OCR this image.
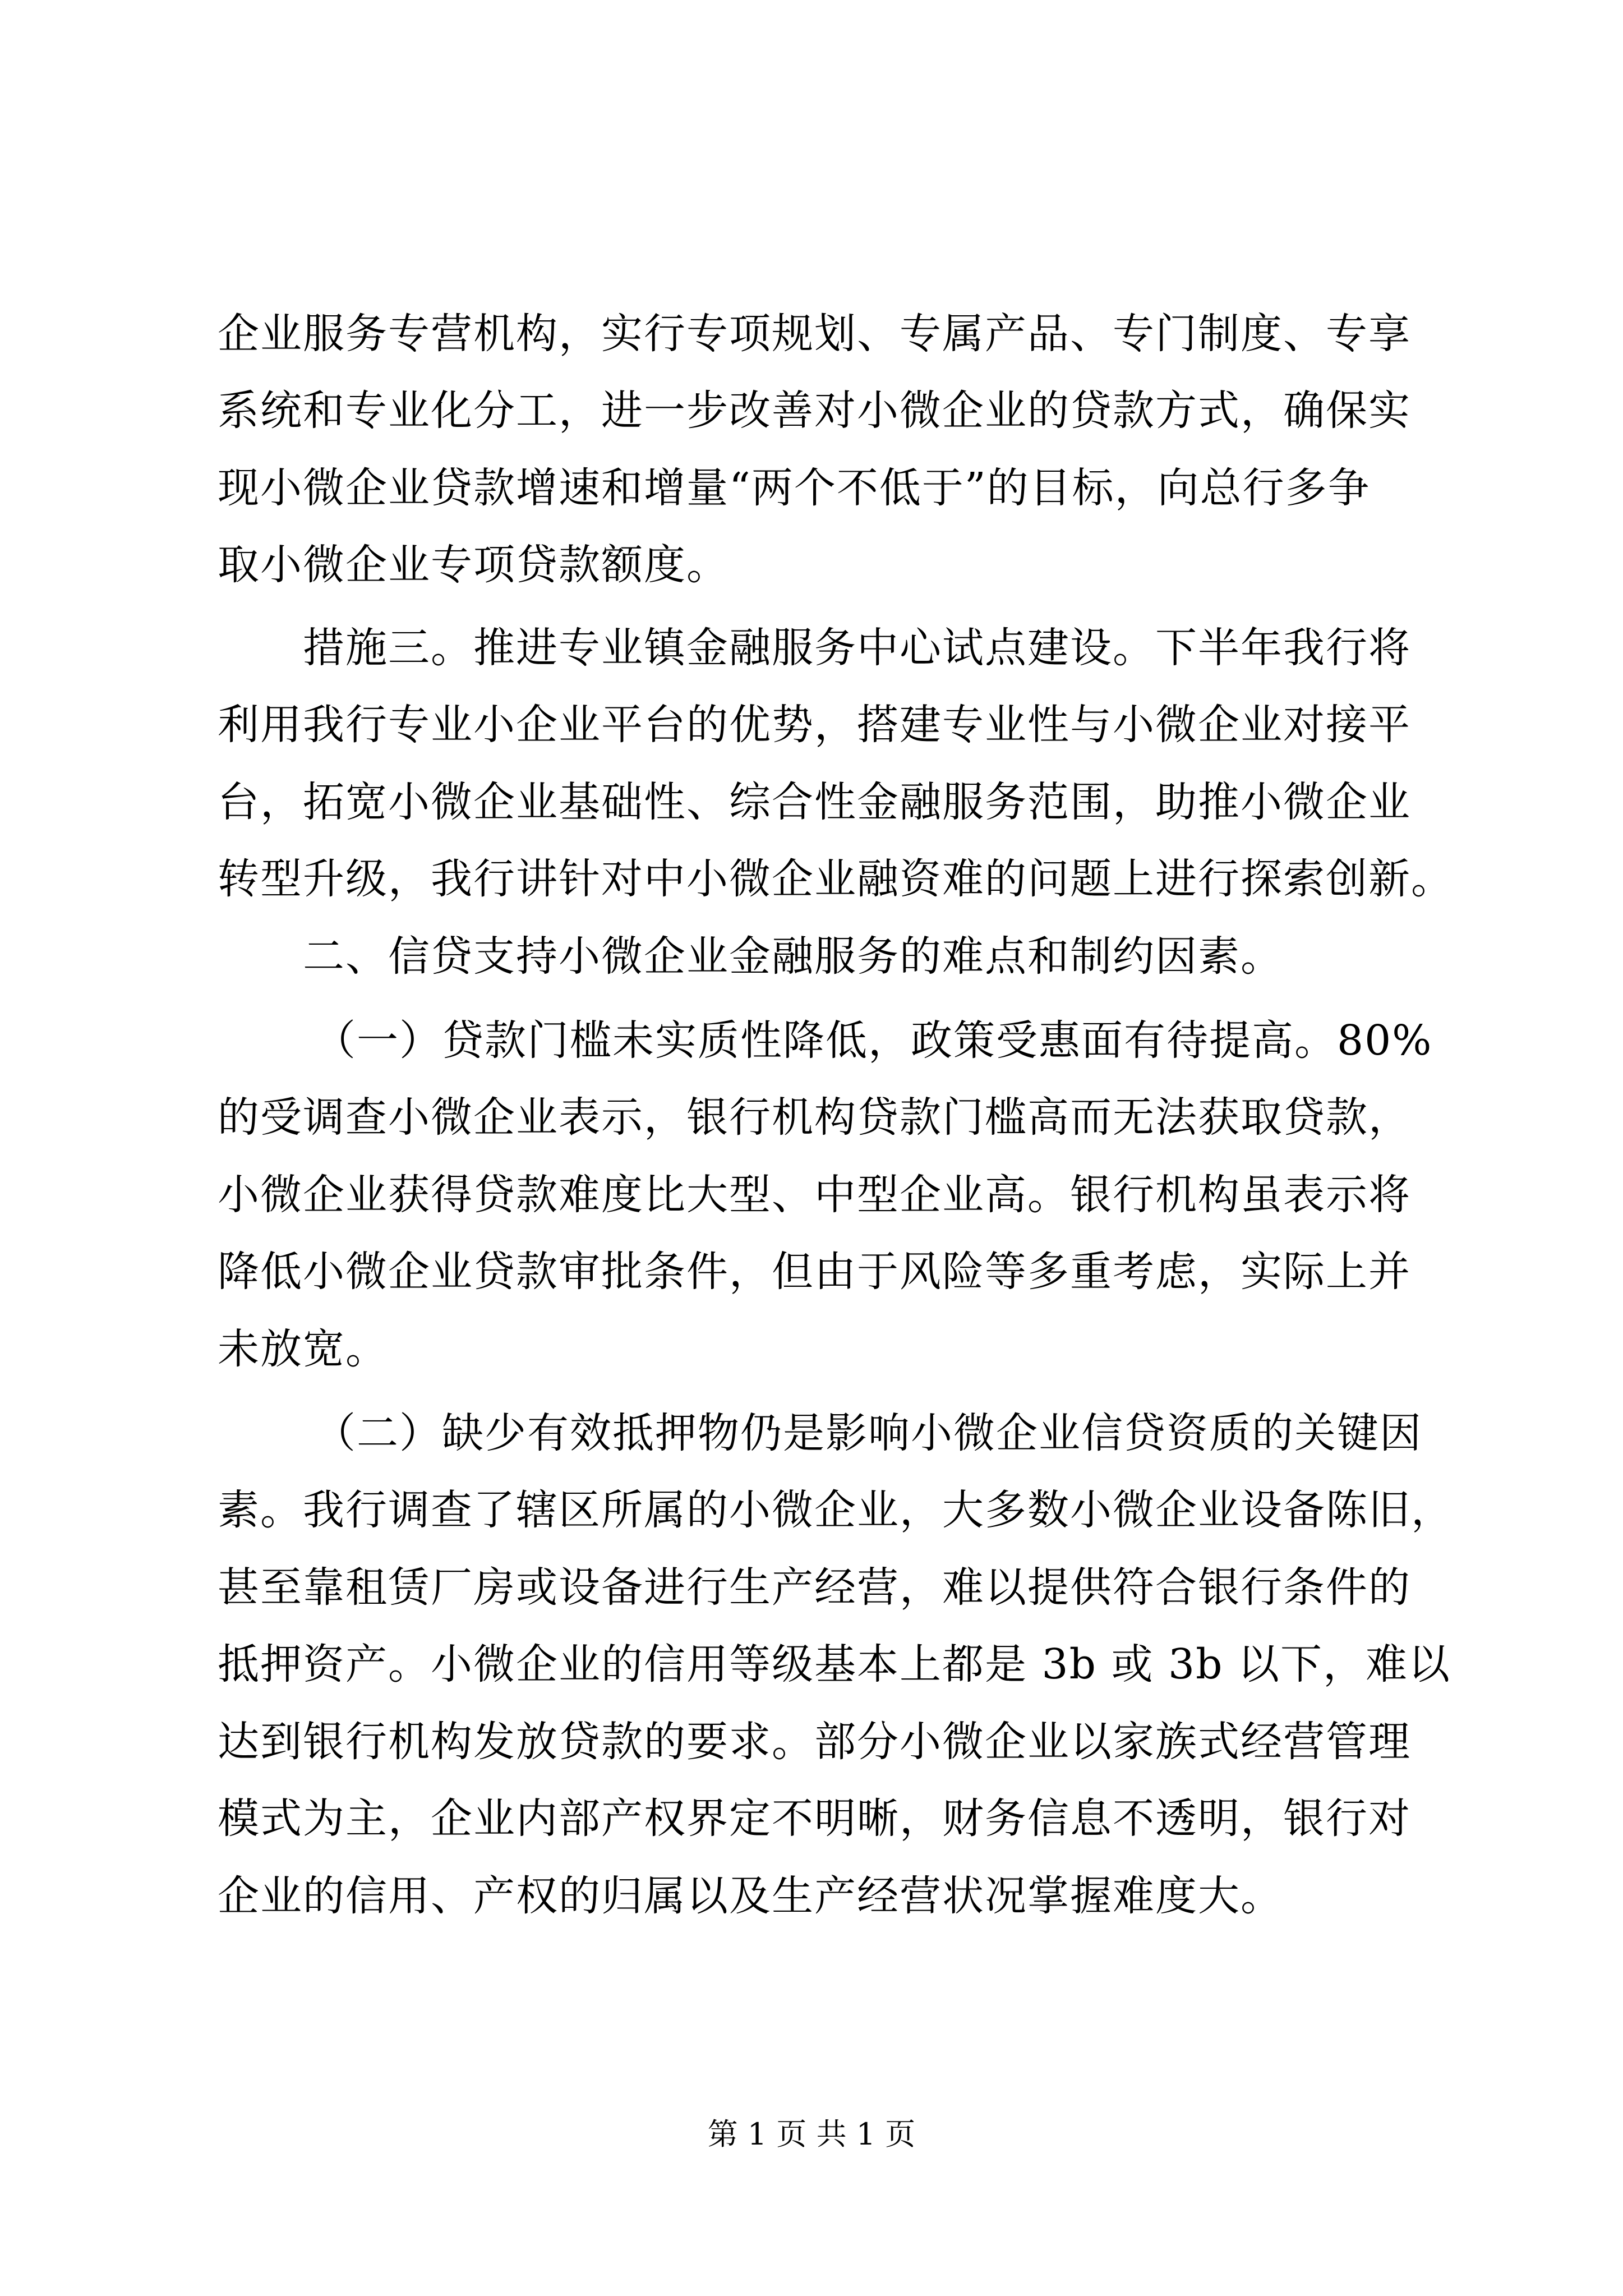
企业服务专营机构，实行专项规划、专属产品、专门制度、专享
系统和专业化分工，进一步改善对小微企业的贷款方式，确保实
现小微企业贷款增速和增量“两个不低于”的目标，向总行多争
取小微企业专项贷款额度。
措施三。推进专业镇金融服务中心试点建设。下半年我行将
利用我行专业小企业平台的优势，搭建专业性与小微企业对接平
台，拓宽小微企业基础性、综合性金融服务范围，助推小微企业
转型升级，我行讲针对中小微企业融资难的问题上进行探索创新。
二、信贷支持小微企业金融服务的难点和制约因素。
（一）贷款门槛未实质性降低，政策受惠面有待提高。80%
的受调查小微企业表示，银行机构贷款门槛高而无法获取贷款，
小微企业获得贷款难度比大型、中型企业高。银行机构虽表示将
降低小微企业贷款审批条件，但由于风险等多重考虑，实际上并
未放宽。
（二）缺少有效抵押物仍是影响小微企业信贷资质的关键因
素。我行调查了辖区所属的小微企业，大多数小微企业设备陈旧，
甚至靠租赁厂房或设备进行生产经营，难以提供符合银行条件的
抵押资产。小微企业的信用等级基本上都是 3b 或 3b 以下，难以
达到银行机构发放贷款的要求。部分小微企业以家族式经营管理
模式为主，企业内部产权界定不明晰，财务信息不透明，银行对
企业的信用、产权的归属以及生产经营状况掌握难度大。
第 1 页 共 1 页
